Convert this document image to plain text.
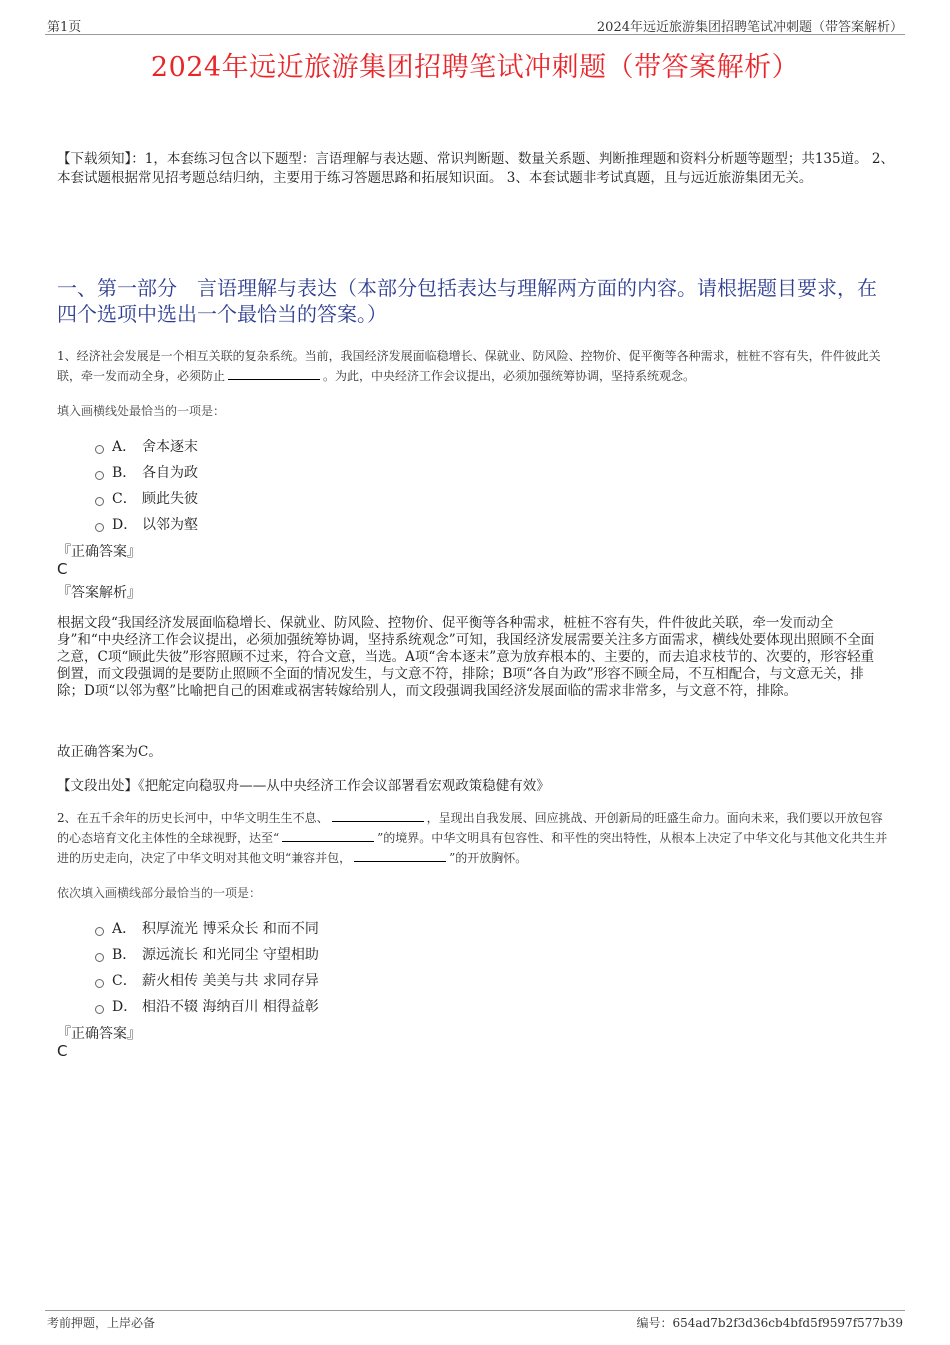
第1页	2024年远近旅游集团招聘笔试冲刺题（带答案解析）
2024年远近旅游集团招聘笔试冲刺题（带答案解析）
【下载须知】：1，本套练习包含以下题型：言语理解与表达题、常识判断题、数量关系题、判断推理题和资料分析题等题型；共135道。 2、本套试题根据常见招考题总结归纳，主要用于练习答题思路和拓展知识面。 3、本套试题非考试真题，且与远近旅游集团无关。
一、第一部分　言语理解与表达（本部分包括表达与理解两方面的内容。请根据题目要求，在四个选项中选出一个最恰当的答案。）
1、经济社会发展是一个相互关联的复杂系统。当前，我国经济发展面临稳增长、保就业、防风险、控物价、促平衡等各种需求，桩桩不容有失，件件彼此关联，牵一发而动全身，必须防止	。为此，中央经济工作会议提出，必须加强统筹协调，坚持系统观念。
填入画横线处最恰当的一项是：
A． 舍本逐末
B． 各自为政
C． 顾此失彼
D． 以邻为壑
『正确答案』
C
『答案解析』
根据文段“我国经济发展面临稳增长、保就业、防风险、控物价、促平衡等各种需求，桩桩不容有失，件件彼此关联，牵一发而动全身”和“中央经济工作会议提出，必须加强统筹协调，坚持系统观念”可知，我国经济发展需要关注多方面需求，横线处要体现出照顾不全面之意，C项“顾此失彼”形容照顾不过来，符合文意，当选。A项“舍本逐末”意为放弃根本的、主要的，而去追求枝节的、次要的，形容轻重倒置，而文段强调的是要防止照顾不全面的情况发生，与文意不符，排除；B项“各自为政”形容不顾全局，不互相配合，与文意无关，排除；D项“以邻为壑”比喻把自己的困难或祸害转嫁给别人，而文段强调我国经济发展面临的需求非常多，与文意不符，排除。
故正确答案为C。
【文段出处】《把舵定向稳驭舟——从中央经济工作会议部署看宏观政策稳健有效》
2、在五千余年的历史长河中，中华文明生生不息、	，呈现出自我发展、回应挑战、开创新局的旺盛生命力。面向未来，我们要以开放包容的心态培育文化主体性的全球视野，达至“	”的境界。中华文明具有包容性、和平性的突出特性，从根本上决定了中华文化与其他文化共生并进的历史走向，决定了中华文明对其他文明“兼容并包，	”的开放胸怀。
依次填入画横线部分最恰当的一项是：
A． 积厚流光 博采众长 和而不同
B． 源远流长 和光同尘 守望相助
C． 薪火相传 美美与共 求同存异
D． 相沿不辍 海纳百川 相得益彰
『正确答案』
C
考前押题，上岸必备	编号：654ad7b2f3d36cb4bfd5f9597f577b39
